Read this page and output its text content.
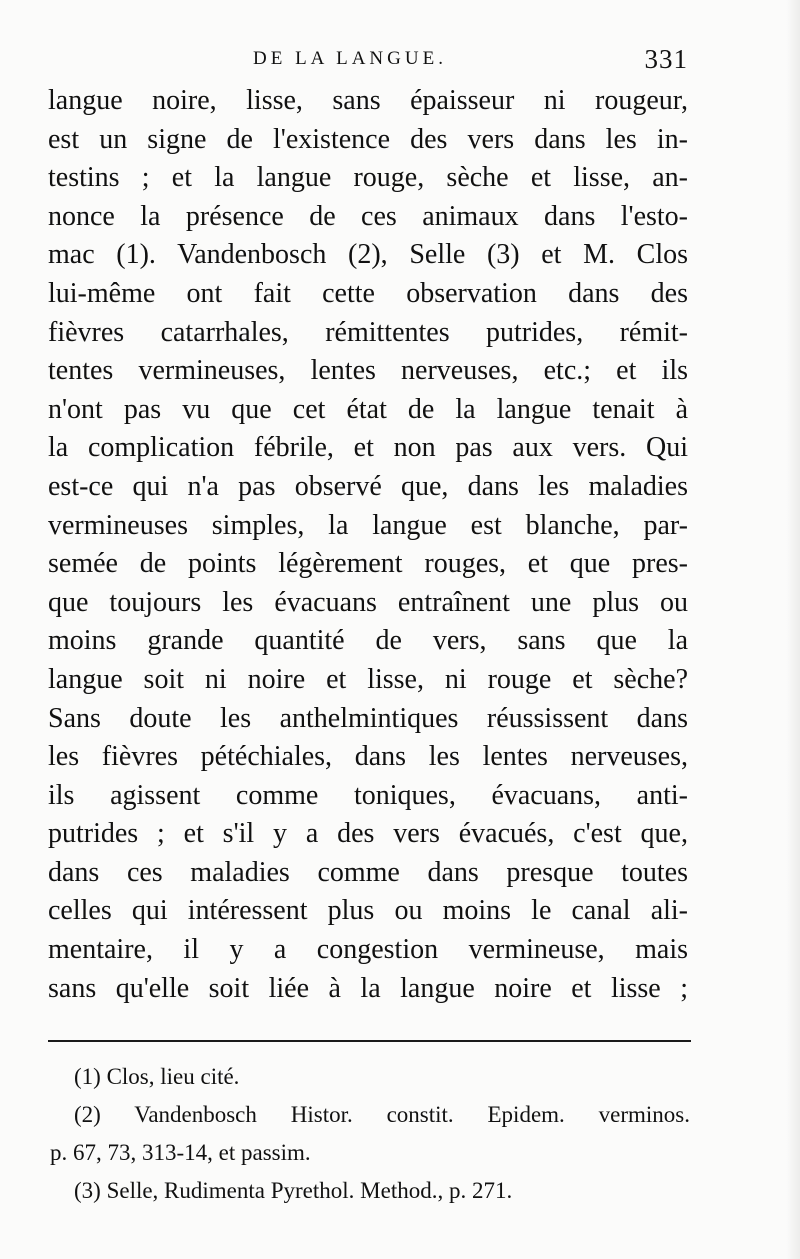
DE LA LANGUE.	331
langue noire, lisse, sans épaisseur ni rougeur,
est un signe de l'existence des vers dans les in-
testins ; et la langue rouge, sèche et lisse, an-
nonce la présence de ces animaux dans l'esto-
mac (1). Vandenbosch (2), Selle (3) et M. Clos
lui-même ont fait cette observation dans des
fièvres catarrhales, rémittentes putrides, rémit-
tentes vermineuses, lentes nerveuses, etc.; et ils
n'ont pas vu que cet état de la langue tenait à
la complication fébrile, et non pas aux vers. Qui
est-ce qui n'a pas observé que, dans les maladies
vermineuses simples, la langue est blanche, par-
semée de points légèrement rouges, et que pres-
que toujours les évacuans entraînent une plus ou
moins grande quantité de vers, sans que la
langue soit ni noire et lisse, ni rouge et sèche?
Sans doute les anthelmintiques réussissent dans
les fièvres pétéchiales, dans les lentes nerveuses,
ils agissent comme toniques, évacuans, anti-
putrides ; et s'il y a des vers évacués, c'est que,
dans ces maladies comme dans presque toutes
celles qui intéressent plus ou moins le canal ali-
mentaire, il y a congestion vermineuse, mais
sans qu'elle soit liée à la langue noire et lisse ;
(1) Clos, lieu cité.
(2) Vandenbosch Histor. constit. Epidem. verminos.
p. 67, 73, 313-14, et passim.
(3) Selle, Rudimenta Pyrethol. Method., p. 271.
